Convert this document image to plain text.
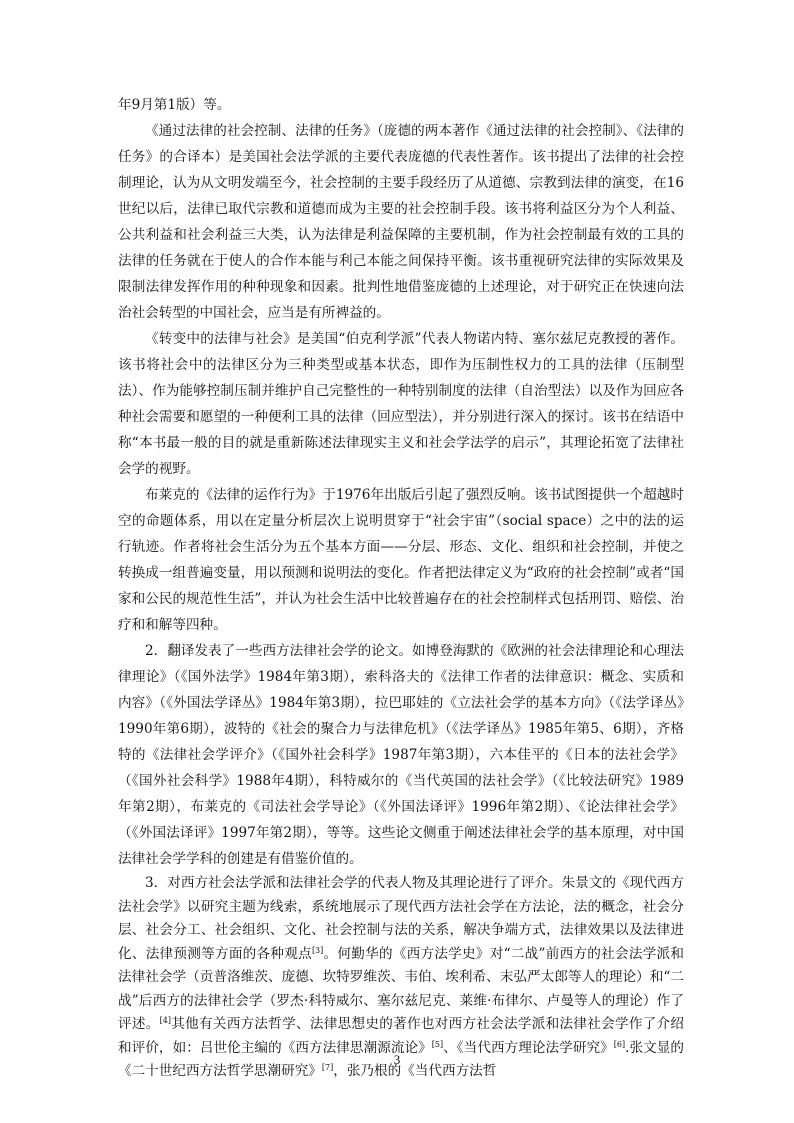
年9月第1版）等。

《通过法律的社会控制、法律的任务》（庞德的两本著作《通过法律的社会控制》、《法律的任务》的合译本）是美国社会法学派的主要代表庞德的代表性著作。该书提出了法律的社会控制理论，认为从文明发端至今，社会控制的主要手段经历了从道德、宗教到法律的演变，在16世纪以后，法律已取代宗教和道德而成为主要的社会控制手段。该书将利益区分为个人利益、公共利益和社会利益三大类，认为法律是利益保障的主要机制，作为社会控制最有效的工具的法律的任务就在于使人的合作本能与利己本能之间保持平衡。该书重视研究法律的实际效果及限制法律发挥作用的种种现象和因素。批判性地借鉴庞德的上述理论，对于研究正在快速向法治社会转型的中国社会，应当是有所裨益的。

《转变中的法律与社会》是美国“伯克利学派”代表人物诺内特、塞尔兹尼克教授的著作。该书将社会中的法律区分为三种类型或基本状态，即作为压制性权力的工具的法律（压制型法）、作为能够控制压制并维护自己完整性的一种特别制度的法律（自治型法）以及作为回应各种社会需要和愿望的一种便利工具的法律（回应型法），并分别进行深入的探讨。该书在结语中称“本书最一般的目的就是重新陈述法律现实主义和社会学法学的启示”，其理论拓宽了法律社会学的视野。

布莱克的《法律的运作行为》于1976年出版后引起了强烈反响。该书试图提供一个超越时空的命题体系，用以在定量分析层次上说明贯穿于“社会宇宙”（social space）之中的法的运行轨迹。作者将社会生活分为五个基本方面——分层、形态、文化、组织和社会控制，并使之转换成一组普遍变量，用以预测和说明法的变化。作者把法律定义为“政府的社会控制”或者“国家和公民的规范性生活”，并认为社会生活中比较普遍存在的社会控制样式包括刑罚、赔偿、治疗和和解等四种。

2．翻译发表了一些西方法律社会学的论文。如博登海默的《欧洲的社会法律理论和心理法律理论》（《国外法学》1984年第3期），索科洛夫的《法律工作者的法律意识：概念、实质和内容》（《外国法学译丛》1984年第3期），拉巴耶娃的《立法社会学的基本方向》（《法学译丛》1990年第6期），波特的《社会的聚合力与法律危机》（《法学译丛》1985年第5、6期），齐格特的《法律社会学评介》（《国外社会科学》1987年第3期），六本佳平的《日本的法社会学》（《国外社会科学》1988年4期），科特威尔的《当代英国的法社会学》（《比较法研究》1989年第2期），布莱克的《司法社会学导论》（《外国法译评》1996年第2期）、《论法律社会学》（《外国法译评》1997年第2期），等等。这些论文侧重于阐述法律社会学的基本原理，对中国法律社会学学科的创建是有借鉴价值的。

3．对西方社会法学派和法律社会学的代表人物及其理论进行了评介。朱景文的《现代西方法社会学》以研究主题为线索，系统地展示了现代西方法社会学在方法论，法的概念，社会分层、社会分工、社会组织、文化、社会控制与法的关系，解决争端方式，法律效果以及法律进化、法律预测等方面的各种观点[3]。何勤华的《西方法学史》对“二战”前西方的社会法学派和法律社会学（贡普洛维茨、庞德、坎特罗维茨、韦伯、埃利希、末弘严太郎等人的理论）和“二战”后西方的法律社会学（罗杰·科特威尔、塞尔兹尼克、莱维·布律尔、卢曼等人的理论）作了评述。[4]其他有关西方法哲学、法律思想史的著作也对西方社会法学派和法律社会学作了介绍和评价，如：吕世伦主编的《西方法律思潮源流论》[5]、《当代西方理论法学研究》[6].张文显的《二十世纪西方法哲学思潮研究》[7]，张乃根的《当代西方法哲

3
